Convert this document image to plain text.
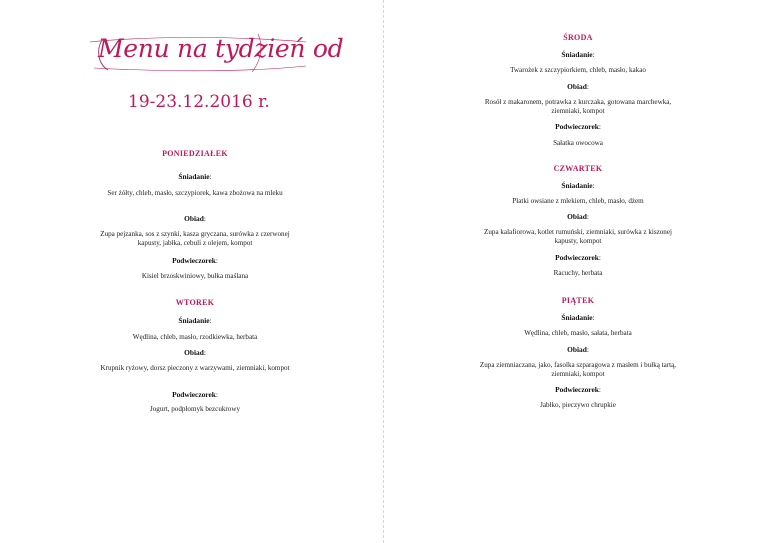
Menu na tydzień od
19-23.12.2016 r.
PONIEDZIAŁEK
Śniadanie:
Ser żółty, chleb, masło, szczypiorek, kawa zbożowa na mleku
Obiad:
Zupa pejzanka, sos z szynki, kasza gryczana, surówka z czerwonej kapusty, jabłka, cebuli z olejem, kompot
Podwieczorek:
Kisiel brzoskwiniowy, bułka maślana
WTOREK
Śniadanie:
Wędlina, chleb, masło, rzodkiewka, herbata
Obiad:
Krupnik ryżowy, dorsz pieczony z warzywami, ziemniaki, kompot
Podwieczorek:
Jogurt, podpłomyk bezcukrowy
ŚRODA
Śniadanie:
Twarożek z szczypiorkiem, chleb, masło, kakao
Obiad:
Rosół z makaronem, potrawka z kurczaka, gotowana marchewka, ziemniaki, kompot
Podwieczorek:
Sałatka owocowa
CZWARTEK
Śniadanie:
Płatki owsiane z mlekiem, chleb, masło, dżem
Obiad:
Zupa kalafiorowa, kotlet rumuński, ziemniaki, surówka z kiszonej kapusty, kompot
Podwieczorek:
Racuchy, herbata
PIĄTEK
Śniadanie:
Wędlina, chleb, masło, sałata, herbata
Obiad:
Zupa ziemniaczana, jako, fasolka szparagowa z masłem i bułką tartą, ziemniaki, kompot
Podwieczorek:
Jabłko, pieczywo chrupkie
